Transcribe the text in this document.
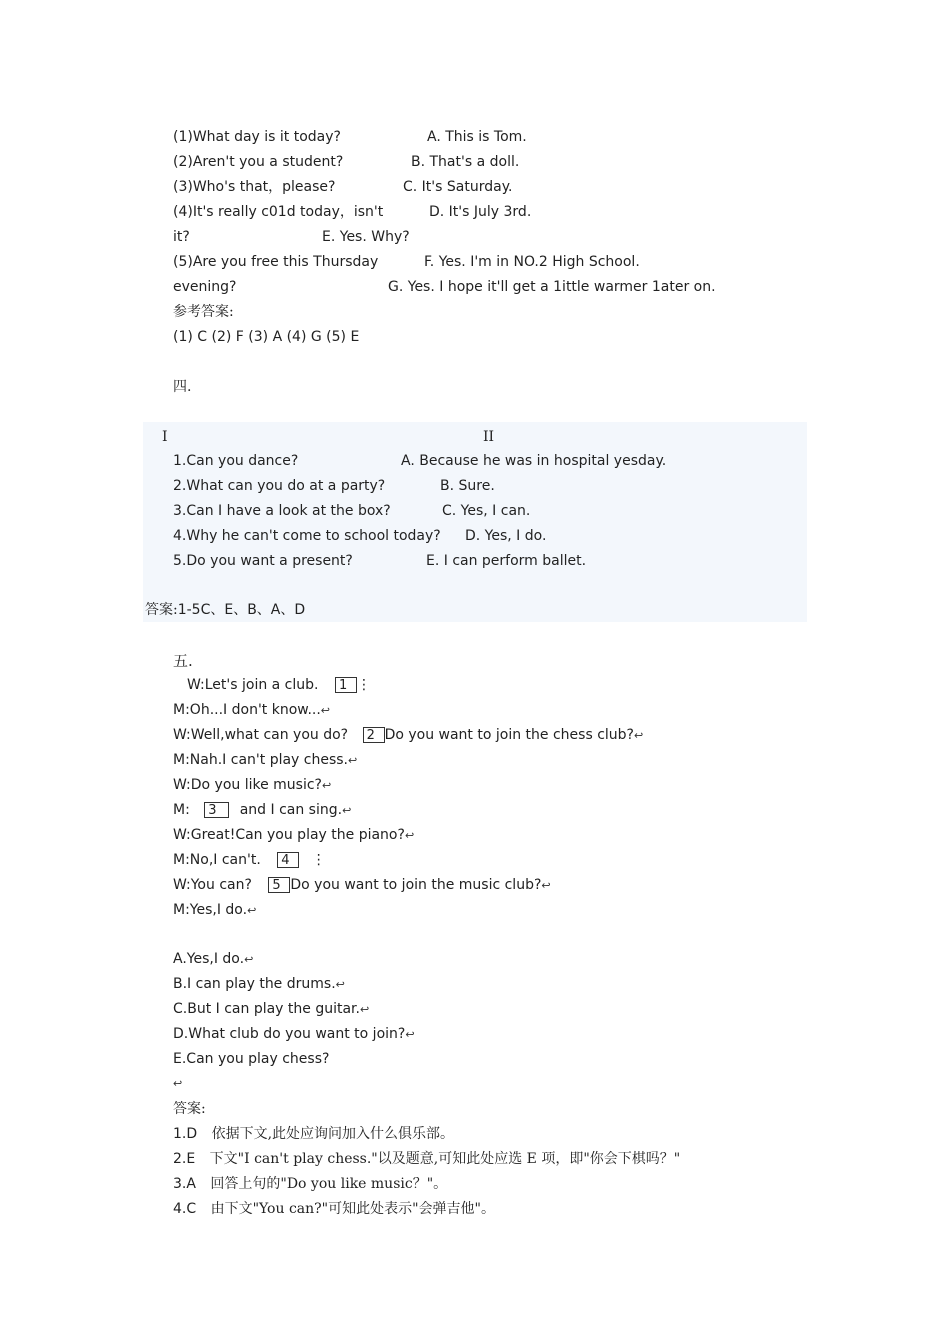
(1)What day is it today?	A. This is Tom.
(2)Aren't you a student?	B. That's a doll.
(3)Who's that，please?	C. It's Saturday.
(4)It's really c01d today，isn't	D. It's July 3rd.
it?	E. Yes. Why?
(5)Are you free this Thursday	F. Yes. I'm in NO.2 High School.
evening?	G. Yes. I hope it'll get a 1ittle warmer 1ater on.
参考答案:
(1) C (2) F (3) A (4) G (5) E
四.
I	II
1.Can you dance?	A. Because he was in hospital yesday.
2.What can you do at a party?	B. Sure.
3.Can I have a look at the box?	C. Yes, I can.
4.Why he can't come to school today? D. Yes, I do.
5.Do you want a present?	E. I can perform ballet.
答案:1-5C、E、B、A、D
五.
W:Let's join a club. 1 ⋮
M:Oh...I don't know...↩
W:Well,what can you do? 2 Do you want to join the chess club?↩
M:Nah.I can't play chess.↩
W:Do you like music?↩
M: 3 and I can sing.↩
W:Great!Can you play the piano?↩
M:No,I can't. 4 ⋮
W:You can? 5 Do you want to join the music club?↩
M:Yes,I do.↩
A.Yes,I do.↩
B.I can play the drums.↩
C.But I can play the guitar.↩
D.What club do you want to join?↩
E.Can you play chess?
↩
答案:
1.D 依据下文,此处应询问加入什么俱乐部。
2.E 下文"I can't play chess."以及题意,可知此处应选 E 项，即"你会下棋吗？"
3.A 回答上句的"Do you like music？"。
4.C 由下文"You can?"可知此处表示"会弹吉他"。
